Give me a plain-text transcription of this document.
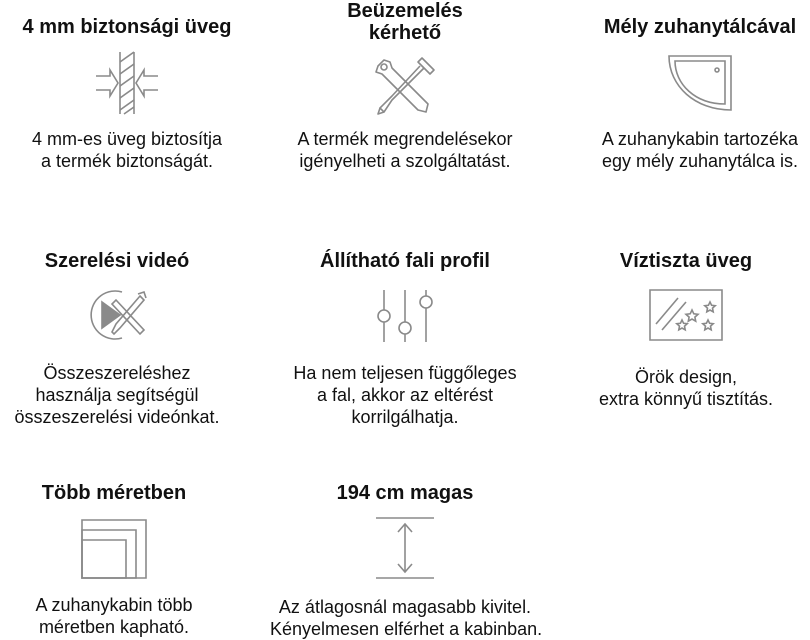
4 mm biztonsági üveg
4 mm-es üveg biztosítja
a termék biztonságát.
Beüzemelés
kérhető
A termék megrendelésekor
igényelheti a szolgáltatást.
Mély zuhanytálcával
A zuhanykabin tartozéka
egy mély zuhanytálca is.
Szerelési videó
Összeszereléshez
használja segítségül
összeszerelési videónkat.
Állítható fali profil
Ha nem teljesen függőleges
a fal, akkor az eltérést
korrilgálhatja.
Víztiszta üveg
Örök design,
extra könnyű tisztítás.
Több méretben
A zuhanykabin több
méretben kapható.
194 cm magas
Az átlagosnál magasabb kivitel.
Kényelmesen elférhet a kabinban.
